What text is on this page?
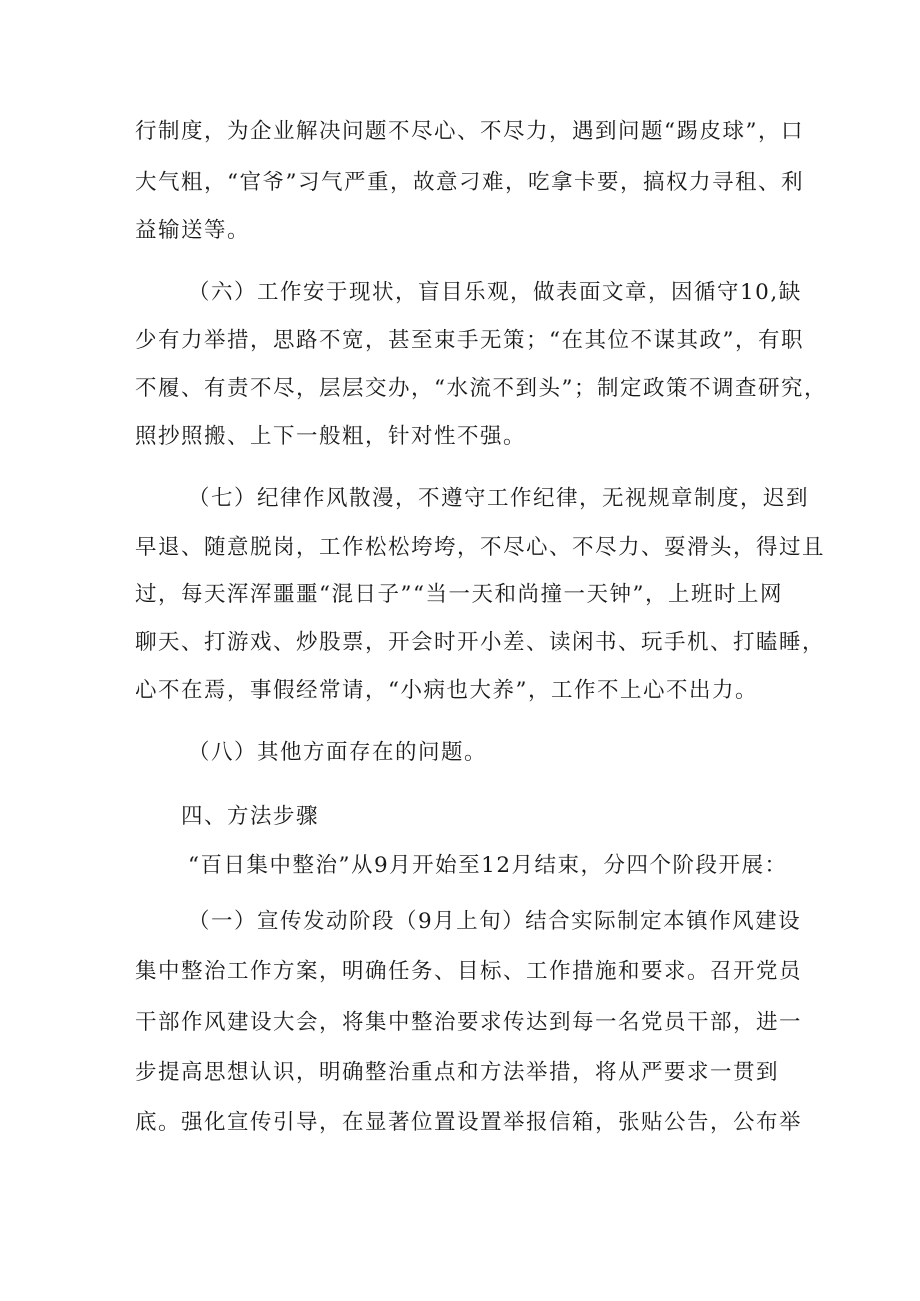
行制度，为企业解决问题不尽心、不尽力，遇到问题“踢皮球”，口
大气粗，“官爷”习气严重，故意刁难，吃拿卡要，搞权力寻租、利
益输送等。
（六）工作安于现状，盲目乐观，做表面文章，因循守10,缺
少有力举措，思路不宽，甚至束手无策；“在其位不谋其政”，有职
不履、有责不尽，层层交办，“水流不到头”；制定政策不调查研究，
照抄照搬、上下一般粗，针对性不强。
（七）纪律作风散漫，不遵守工作纪律，无视规章制度，迟到
早退、随意脱岗，工作松松垮垮，不尽心、不尽力、耍滑头，得过且
过，每天浑浑噩噩“混日子”“当一天和尚撞一天钟”，上班时上网
聊天、打游戏、炒股票，开会时开小差、读闲书、玩手机、打瞌睡，
心不在焉，事假经常请，“小病也大养”，工作不上心不出力。
（八）其他方面存在的问题。
四、方法步骤
“百日集中整治”从9月开始至12月结束，分四个阶段开展：
（一）宣传发动阶段（9月上旬）结合实际制定本镇作风建设
集中整治工作方案，明确任务、目标、工作措施和要求。召开党员
干部作风建设大会，将集中整治要求传达到每一名党员干部，进一
步提高思想认识，明确整治重点和方法举措，将从严要求一贯到
底。强化宣传引导，在显著位置设置举报信箱，张贴公告，公布举
